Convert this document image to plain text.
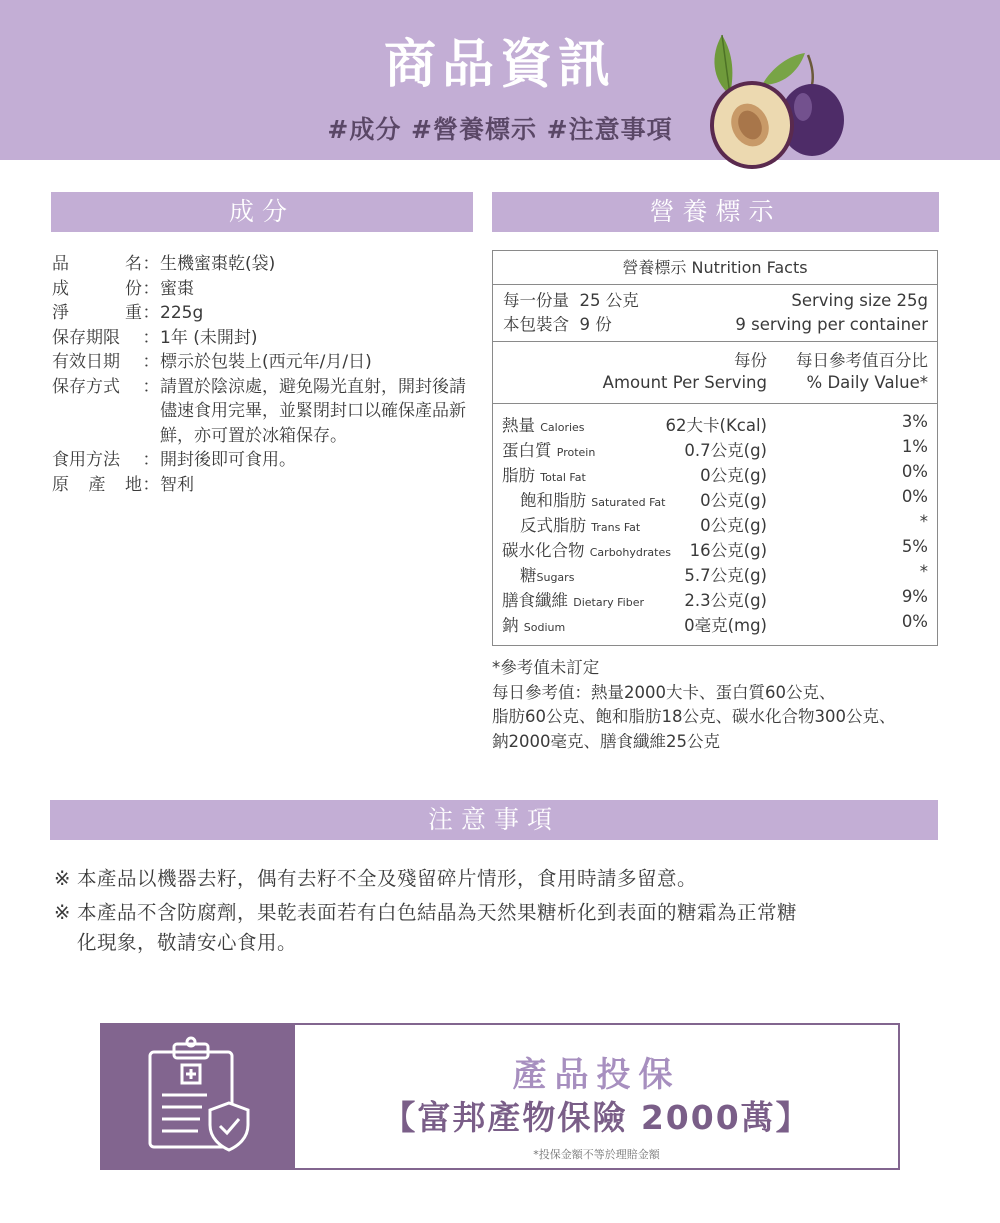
商品資訊
#成分 #營養標示 #注意事項
成分	營養標示
品	名 ： 生機蜜棗乾(袋)
成	份 ： 蜜棗
淨	重 ： 225g
保存期限	： 1年 (未開封)
有效日期	： 標示於包裝上(西元年/月/日)
保存方式	： 請置於陰涼處，避免陽光直射，開封後請儘速食用完畢，並緊閉封口以確保產品新鮮，亦可置於冰箱保存。
食用方法	： 開封後即可食用。
原 產 地 ： 智利
營養標示 Nutrition Facts
每一份量  25 公克	Serving size 25g
本包裝含  9 份	9 serving per container
每份 每日參考值百分比
Amount Per Serving % Daily Value*
熱量 Calories	62大卡(Kcal)	3%
蛋白質 Protein	0.7公克(g)	1%
脂肪 Total Fat	0公克(g)	0%
飽和脂肪 Saturated Fat 0公克(g)	0%
反式脂肪 Trans Fat	0公克(g)	*
碳水化合物 Carbohydrates 16公克(g)	5%
糖Sugars	5.7公克(g)	*
膳食纖維 Dietary Fiber 2.3公克(g)	9%
鈉 Sodium	0毫克(mg)	0%
*參考值未訂定
每日參考值：熱量2000大卡、蛋白質60公克、
脂肪60公克、飽和脂肪18公克、碳水化合物300公克、
鈉2000毫克、膳食纖維25公克
注意事項
※ 本產品以機器去籽，偶有去籽不全及殘留碎片情形，食用時請多留意。
※ 本產品不含防腐劑，果乾表面若有白色結晶為天然果糖析化到表面的糖霜為正常糖化現象，敬請安心食用。
產品投保
【富邦產物保險 2000萬】
*投保金額不等於理賠金額
